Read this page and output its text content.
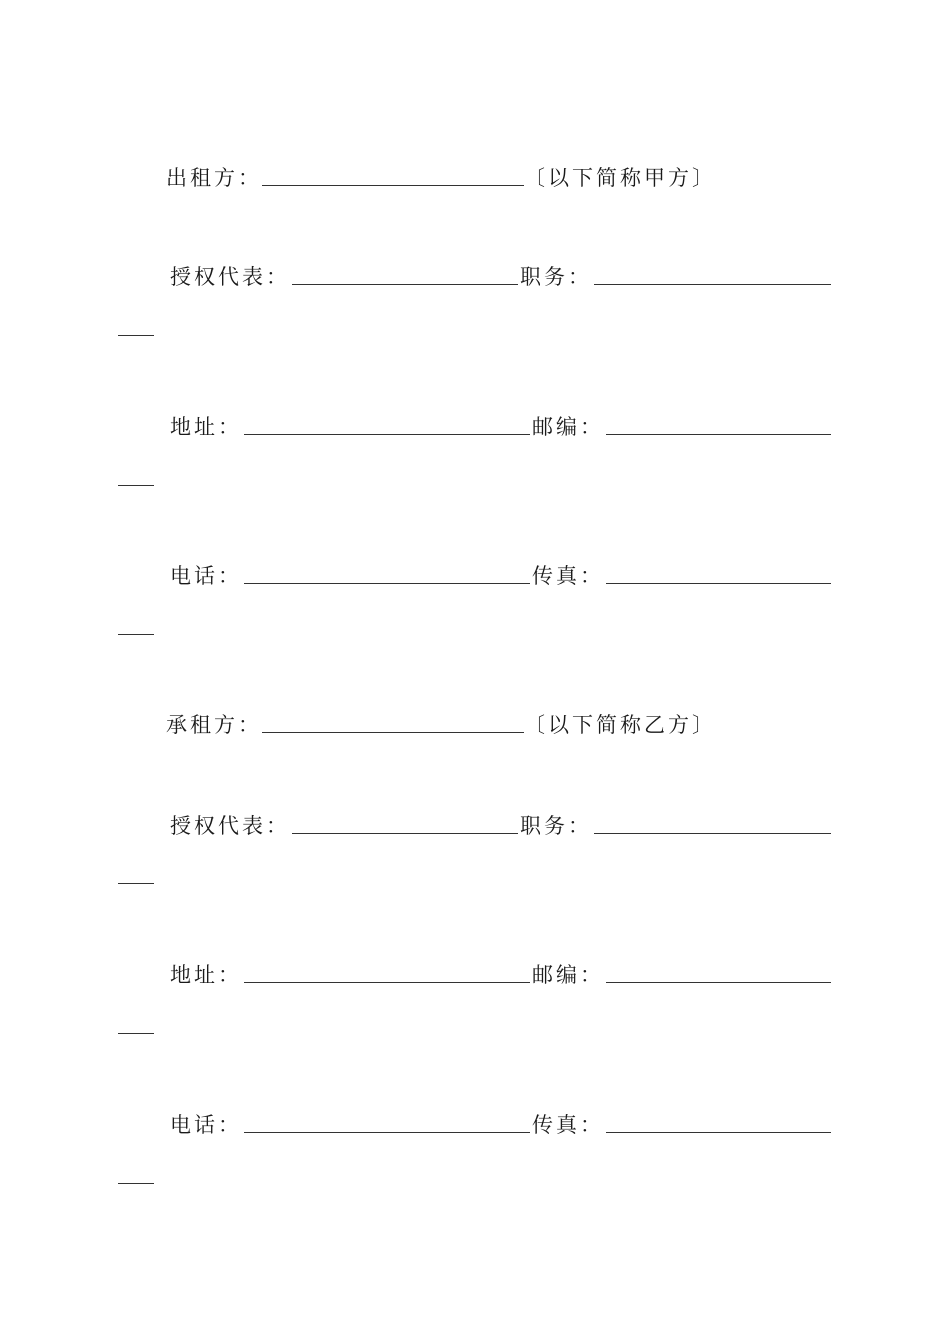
出租方：	〔以下简称甲方〕
授权代表：	职务：
地址：	邮编：
电话：	传真：
承租方：	〔以下简称乙方〕
授权代表：	职务：
地址：	邮编：
电话：	传真：
